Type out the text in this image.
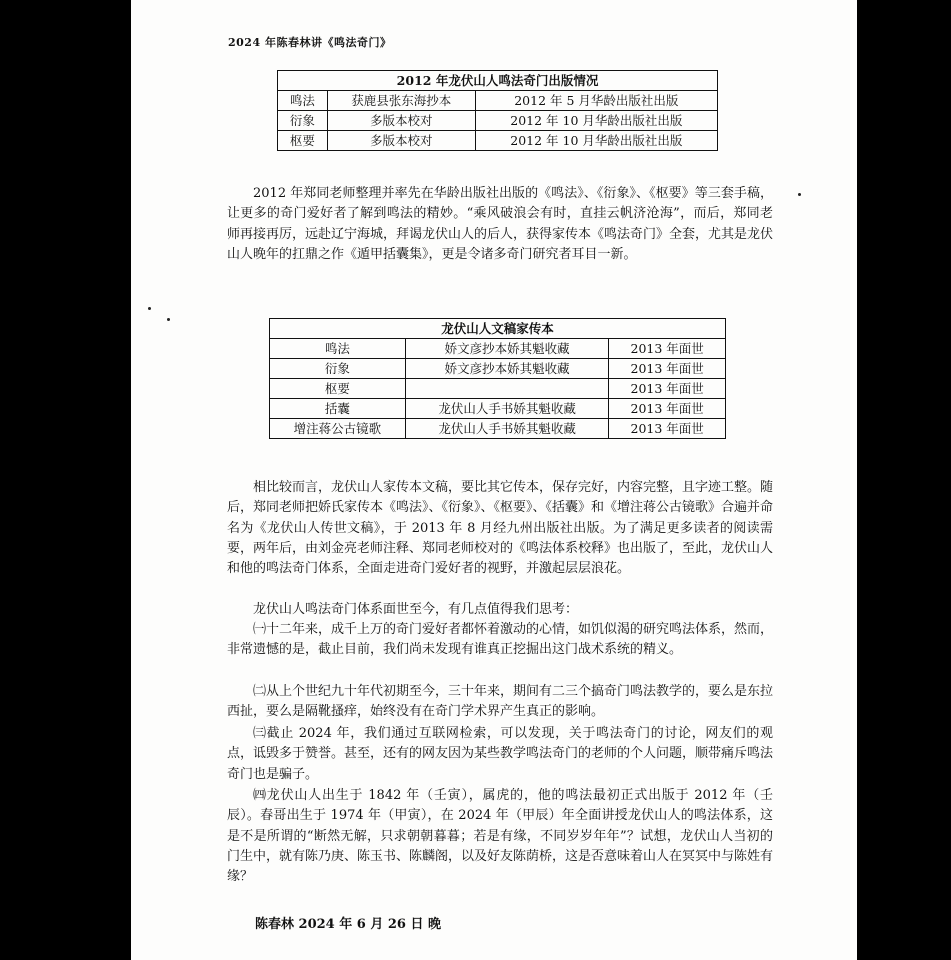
2024 年陈春林讲《鸣法奇门》
2012 年龙伏山人鸣法奇门出版情况		
鸣法	获鹿县张东海抄本	2012 年 5 月华龄出版社出版
衍象	多版本校对	2012 年 10 月华龄出版社出版
枢要	多版本校对	2012 年 10 月华龄出版社出版

2012 年郑同老师整理并率先在华龄出版社出版的《鸣法》、《衍象》、《枢要》等三套手稿，让更多的奇门爱好者了解到鸣法的精妙。“乘风破浪会有时，直挂云帆济沧海”，而后，郑同老师再接再厉，远赴辽宁海城，拜谒龙伏山人的后人，获得家传本《鸣法奇门》全套，尤其是龙伏山人晚年的扛鼎之作《遁甲括囊集》，更是令诸多奇门研究者耳目一新。

龙伏山人文稿家传本		
鸣法	娇文彦抄本娇其魁收藏	2013 年面世
衍象	娇文彦抄本娇其魁收藏	2013 年面世
枢要		2013 年面世
括囊	龙伏山人手书娇其魁收藏	2013 年面世
增注蒋公古镜歌	龙伏山人手书娇其魁收藏	2013 年面世

相比较而言，龙伏山人家传本文稿，要比其它传本，保存完好，内容完整，且字迹工整。随后，郑同老师把娇氏家传本《鸣法》、《衍象》、《枢要》、《括囊》和《增注蒋公古镜歌》合遍并命名为《龙伏山人传世文稿》，于 2013 年 8 月经九州出版社出版。为了满足更多读者的阅读需要，两年后，由刘金亮老师注释、郑同老师校对的《鸣法体系校释》也出版了，至此，龙伏山人和他的鸣法奇门体系，全面走进奇门爱好者的视野，并激起层层浪花。

龙伏山人鸣法奇门体系面世至今，有几点值得我们思考：

㈠十二年来，成千上万的奇门爱好者都怀着激动的心情，如饥似渴的研究鸣法体系，然而，非常遗憾的是，截止目前，我们尚未发现有谁真正挖掘出这门战术系统的精义。

㈡从上个世纪九十年代初期至今，三十年来，期间有二三个搞奇门鸣法教学的，要么是东拉西扯，要么是隔靴搔痒，始终没有在奇门学术界产生真正的影响。

㈢截止 2024 年，我们通过互联网检索，可以发现，关于鸣法奇门的讨论，网友们的观点，诋毁多于赞誉。甚至，还有的网友因为某些教学鸣法奇门的老师的个人问题，顺带痛斥鸣法奇门也是骗子。

㈣龙伏山人出生于 1842 年（壬寅），属虎的，他的鸣法最初正式出版于 2012 年（壬辰）。春哥出生于 1974 年（甲寅），在 2024 年（甲辰）年全面讲授龙伏山人的鸣法体系，这是不是所谓的“断然无解，只求朝朝暮暮；若是有缘，不同岁岁年年”？试想，龙伏山人当初的门生中，就有陈乃庚、陈玉书、陈麟阁，以及好友陈荫桥，这是否意味着山人在冥冥中与陈姓有缘？

陈春林 2024 年 6 月 26 日 晚
